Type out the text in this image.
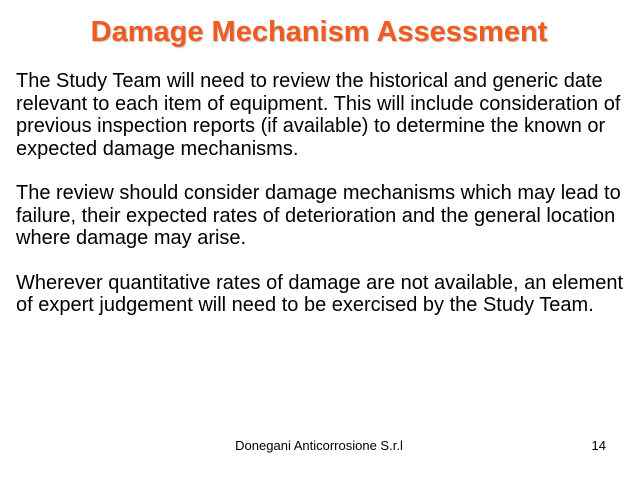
Damage Mechanism Assessment

The Study Team will need to review the historical and generic date relevant to each item of equipment. This will include consideration of previous inspection reports (if available) to determine the known or expected damage mechanisms.

The review should consider damage mechanisms which may lead to failure, their expected rates of deterioration and the general location where damage may arise.

Wherever quantitative rates of damage are not available, an element of expert judgement will need to be exercised by the Study Team.

Donegani Anticorrosione S.r.l	14
